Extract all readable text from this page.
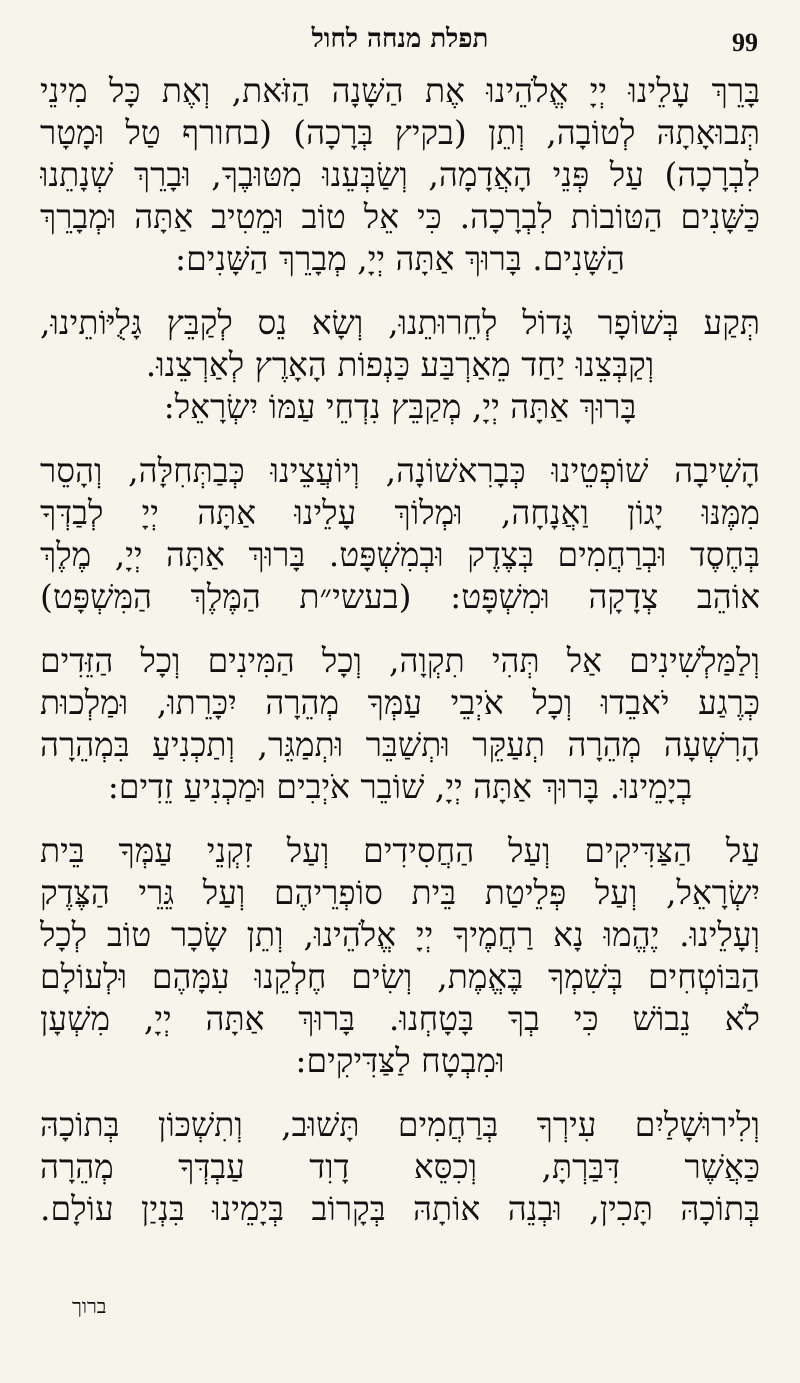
99
תפלת מנחה לחול
בָּרֵךְ עָלֵינוּ יְיָ אֱלֹהֵינוּ אֶת הַשָּׁנָה הַזֹּאת, וְאֶת כָּל מִינֵי
תְּבוּאָתָהּ לְטוֹבָה, וְתֵן (בקיץ בְּרָכָה) (בחורף טַל וּמָטָר
לִבְרָכָה) עַל פְּנֵי הָאֲדָמָה, וְשַׂבְּעֵנוּ מִטּוּבֶךָ, וּבָרֵךְ שְׁנָתֵנוּ
כַּשָּׁנִים הַטּוֹבוֹת לִבְרָכָה. כִּי אֵל טוֹב וּמֵטִיב אַתָּה וּמְבָרֵךְ
הַשָּׁנִים. בָּרוּךְ אַתָּה יְיָ, מְבָרֵךְ הַשָּׁנִים:
תְּקַע בְּשׁוֹפָר גָּדוֹל לְחֵרוּתֵנוּ, וְשָׂא נֵס לְקַבֵּץ גָּלֻיּוֹתֵינוּ,
וְקַבְּצֵנוּ יַחַד מֵאַרְבַּע כַּנְפוֹת הָאָרֶץ לְאַרְצֵנוּ.
בָּרוּךְ אַתָּה יְיָ, מְקַבֵּץ נִדְחֵי עַמּוֹ יִשְׂרָאֵל:
הָשִׁיבָה שׁוֹפְטֵינוּ כְּבָרִאשׁוֹנָה, וְיוֹעֲצֵינוּ כְּבַתְּחִלָּה, וְהָסֵר
מִמֶּנּוּ יָגוֹן וַאֲנָחָה, וּמְלוֹךְ עָלֵינוּ אַתָּה יְיָ לְבַדְּךָ
בְּחֶסֶד וּבְרַחֲמִים בְּצֶדֶק וּבְמִשְׁפָּט. בָּרוּךְ אַתָּה יְיָ, מֶלֶךְ
אוֹהֵב צְדָקָה וּמִשְׁפָּט: (בעשי״ת הַמֶּלֶךְ הַמִּשְׁפָּט)
וְלַמַּלְשִׁינִים אַל תְּהִי תִקְוָה, וְכָל הַמִּינִים וְכָל הַזֵּדִים
כְּרֶגַע יֹאבֵדוּ וְכָל אֹיְבֵי עַמְּךָ מְהֵרָה יִכָּרֵתוּ, וּמַלְכוּת
הָרִשְׁעָה מְהֵרָה תְעַקֵּר וּתְשַׁבֵּר וּתְמַגֵּר, וְתַכְנִיעַ בִּמְהֵרָה
בְיָמֵינוּ. בָּרוּךְ אַתָּה יְיָ, שׁוֹבֵר אֹיְבִים וּמַכְנִיעַ זֵדִים:
עַל הַצַּדִּיקִים וְעַל הַחֲסִידִים וְעַל זִקְנֵי עַמְּךָ בֵּית
יִשְׂרָאֵל, וְעַל פְּלֵיטַת בֵּית סוֹפְרֵיהֶם וְעַל גֵּרֵי הַצֶּדֶק
וְעָלֵינוּ. יֶהֱמוּ נָא רַחֲמֶיךָ יְיָ אֱלֹהֵינוּ, וְתֵן שָׂכָר טוֹב לְכָל
הַבּוֹטְחִים בְּשִׁמְךָ בֶּאֱמֶת, וְשִׂים חֶלְקֵנוּ עִמָּהֶם וּלְעוֹלָם
לֹא נֵבוֹשׁ כִּי בְךָ בָּטָחְנוּ. בָּרוּךְ אַתָּה יְיָ, מִשְׁעָן
וּמִבְטָח לַצַּדִּיקִים:
וְלִירוּשָׁלַיִם עִירְךָ בְּרַחֲמִים תָּשׁוּב, וְתִשְׁכּוֹן בְּתוֹכָהּ
כַּאֲשֶׁר דִּבַּרְתָּ, וְכִסֵּא דָוִד עַבְדְּךָ מְהֵרָה
בְּתוֹכָהּ תָּכִין, וּבְנֵה אוֹתָהּ בְּקָרוֹב בְּיָמֵינוּ בִּנְיַן עוֹלָם.
ברוך
